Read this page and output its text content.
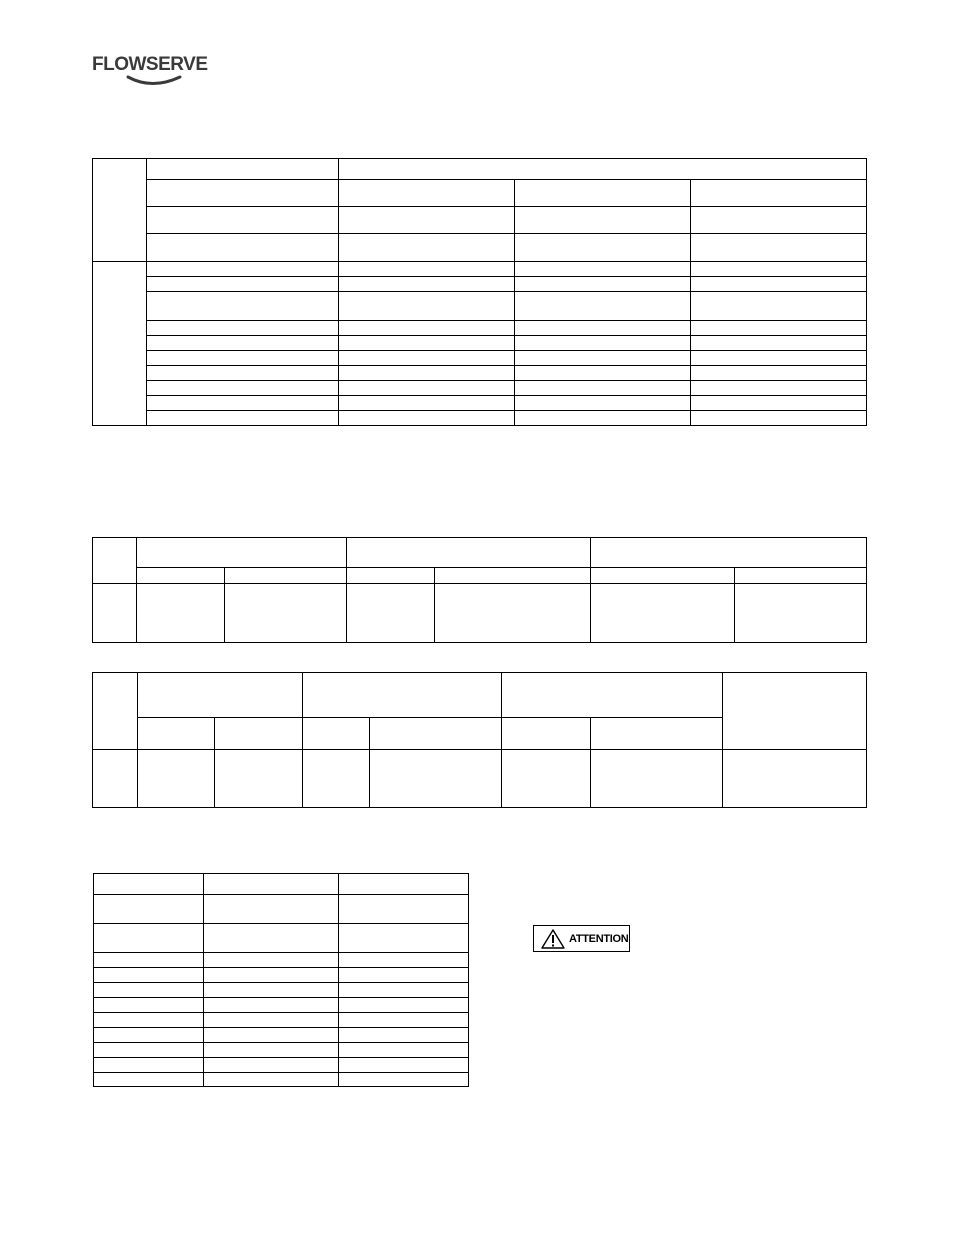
FLOWSERVE

ATTENTION
